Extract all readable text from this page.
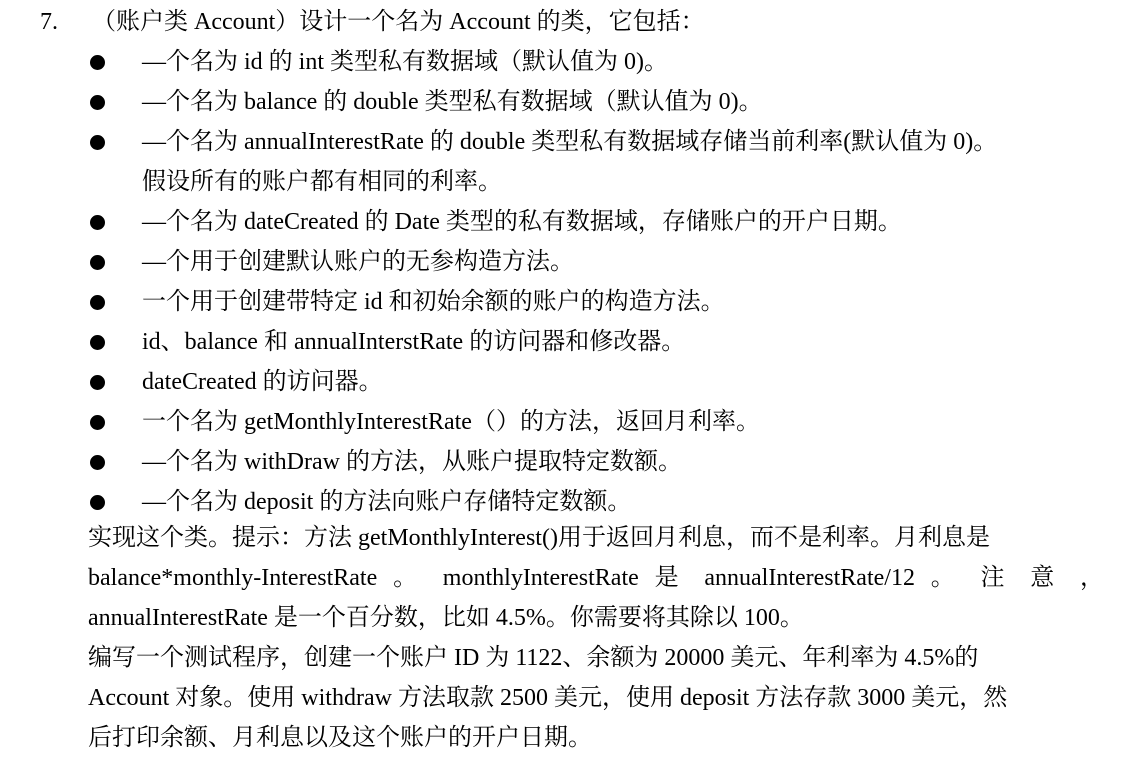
7. （账户类 Account）设计一个名为 Account 的类，它包括：
—个名为 id 的 int 类型私有数据域（默认值为 0)。
—个名为 balance 的 double 类型私有数据域（默认值为 0)。
—个名为 annualInterestRate 的 double 类型私有数据域存储当前利率(默认值为 0)。
假设所有的账户都有相同的利率。
—个名为 dateCreated 的 Date 类型的私有数据域，存储账户的开户日期。
—个用于创建默认账户的无参构造方法。
一个用于创建带特定 id 和初始余额的账户的构造方法。
id、balance 和 annualInterstRate 的访问器和修改器。
dateCreated 的访问器。
一个名为 getMonthlyInterestRate（）的方法，返回月利率。
—个名为 withDraw 的方法，从账户提取特定数额。
—个名为 deposit 的方法向账户存储特定数额。
实现这个类。提示：方法 getMonthlyInterest()用于返回月利息，而不是利率。月利息是
balance*monthly-InterestRate 。 monthlyInterestRate 是 annualInterestRate/12 。 注 意 ，
annualInterestRate 是一个百分数，比如 4.5%。你需要将其除以 100。
编写一个测试程序，创建一个账户 ID 为 1122、余额为 20000 美元、年利率为 4.5%的
Account 对象。使用 withdraw 方法取款 2500 美元，使用 deposit 方法存款 3000 美元，然
后打印余额、月利息以及这个账户的开户日期。
